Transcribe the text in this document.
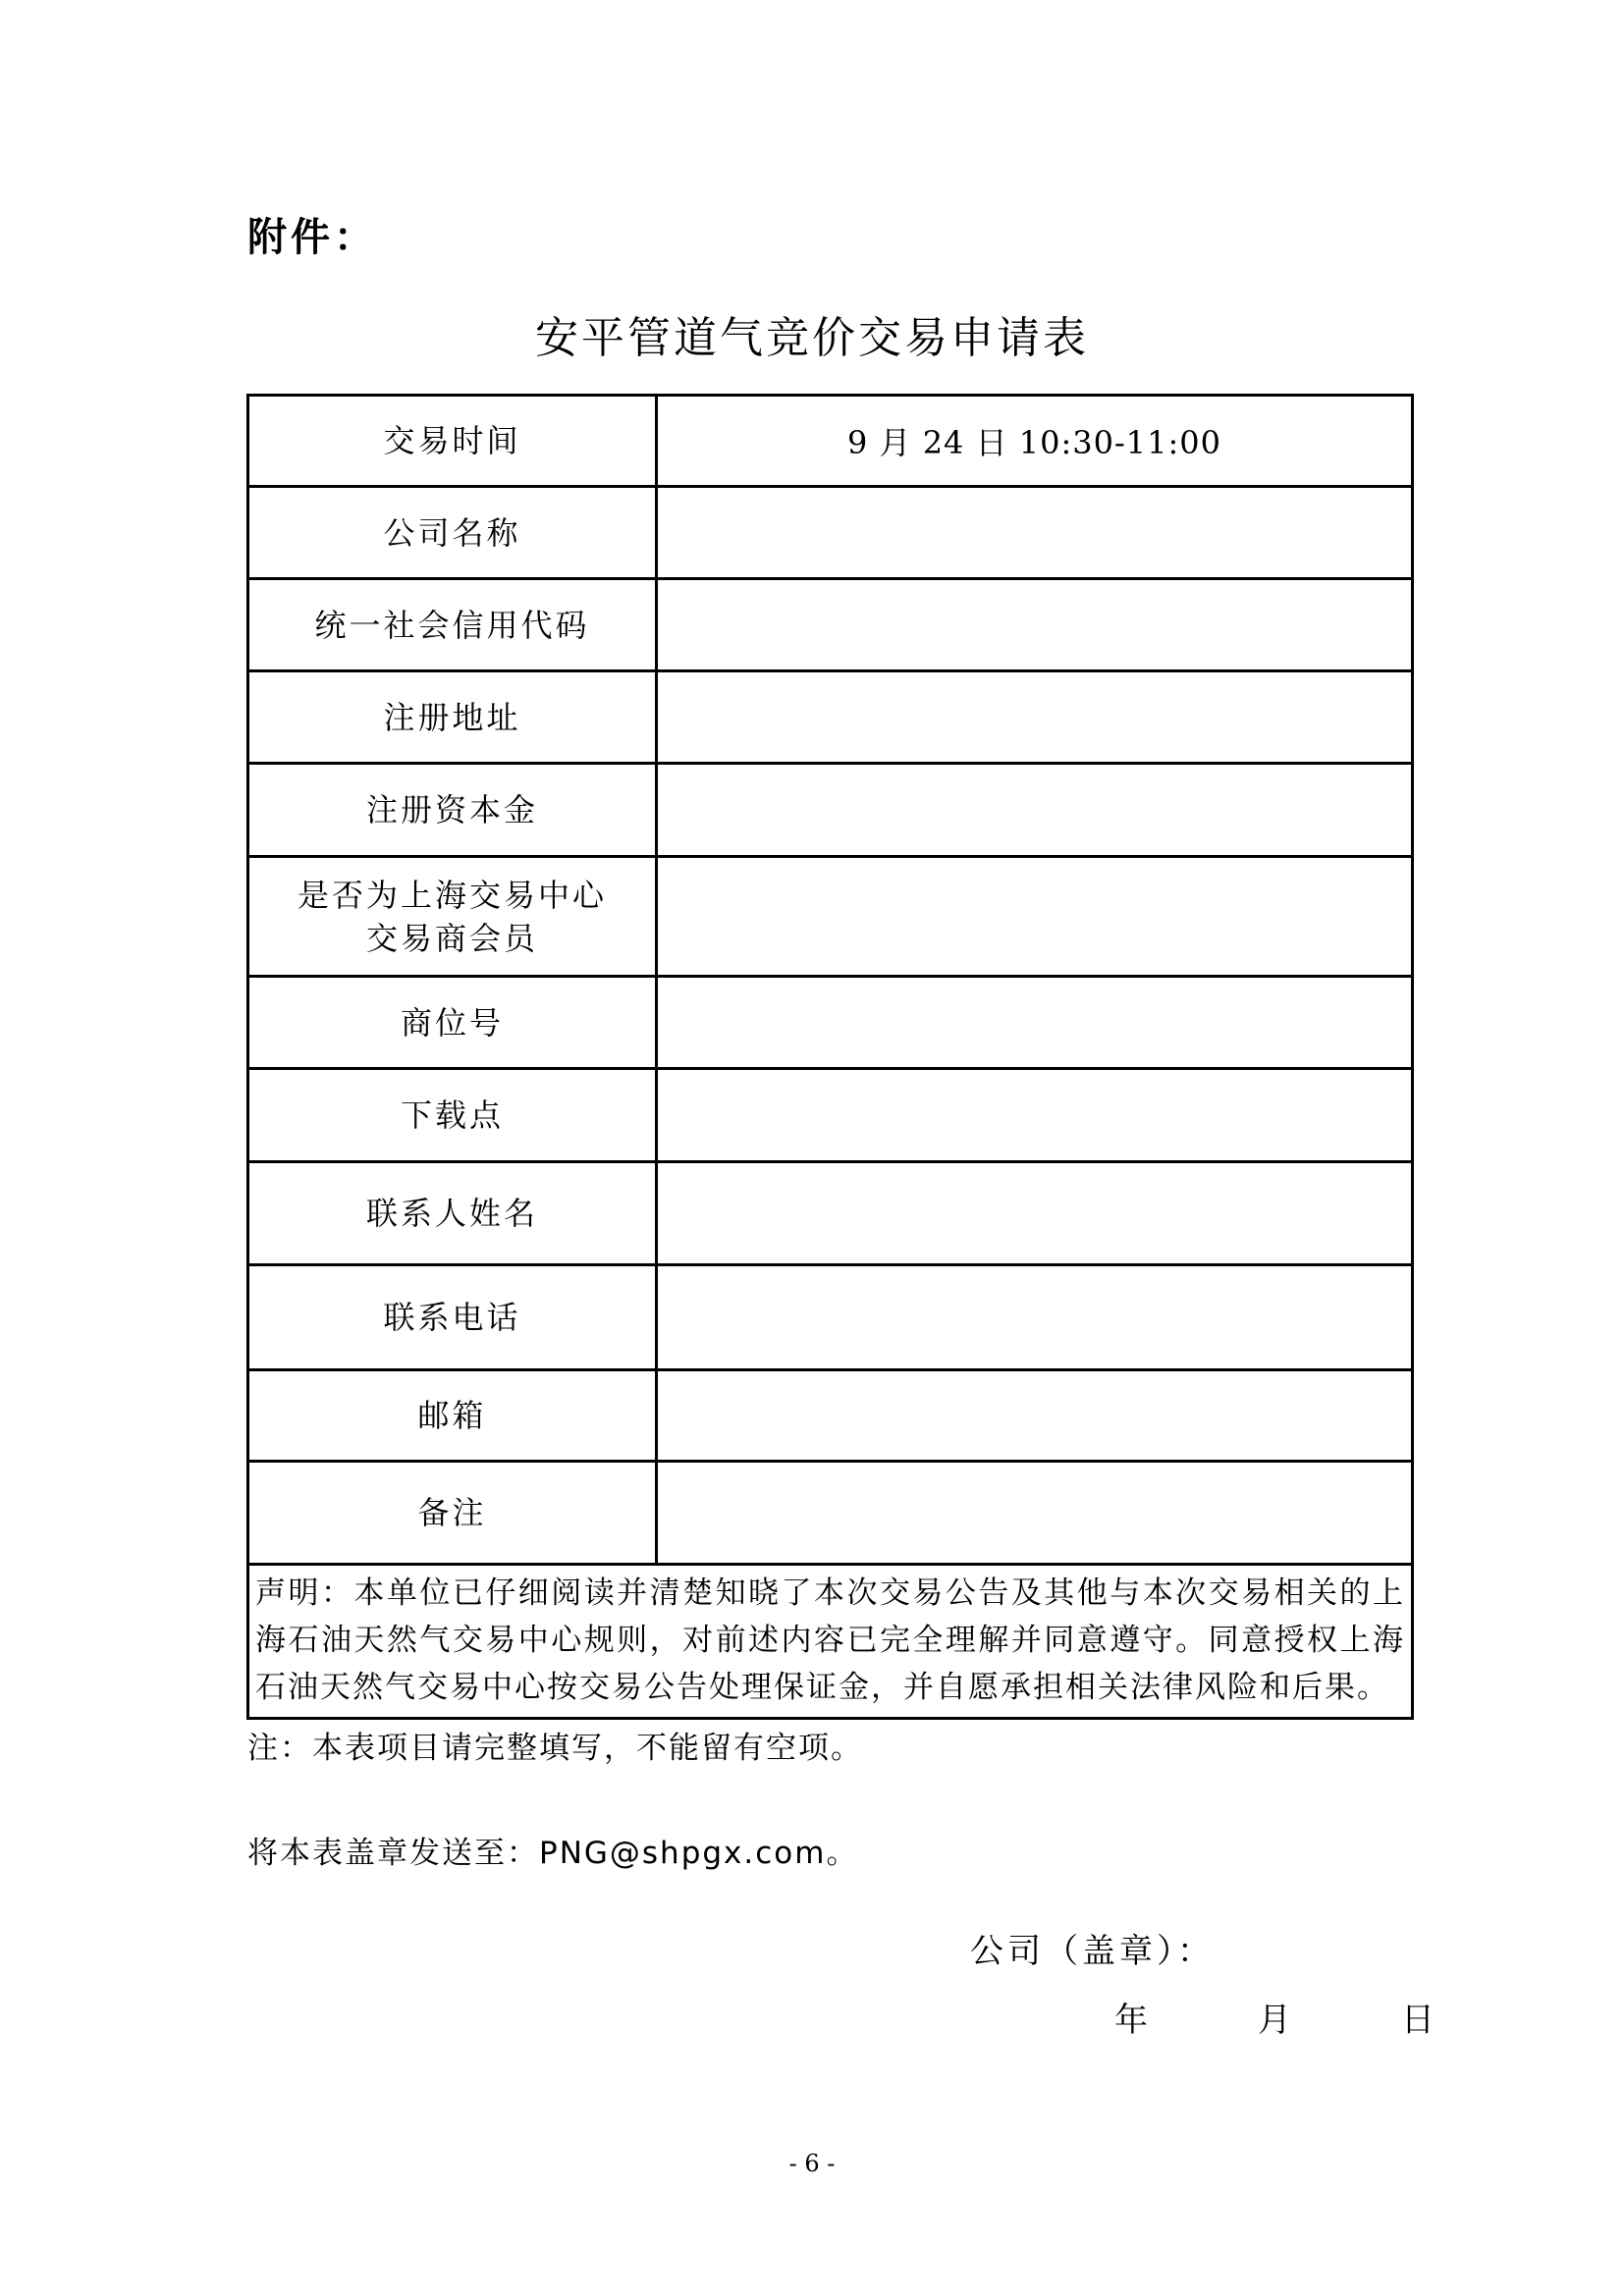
附件：
安平管道气竞价交易申请表
交易时间	9 月 24 日 10:30-11:00
公司名称	
统一社会信用代码	
注册地址	
注册资本金	

是否为上海交易中心
交易商会员	

商位号	
下载点	
联系人姓名	
联系电话	
邮箱	
备注	
声明：本单位已仔细阅读并清楚知晓了本次交易公告及其他与本次交易相关的上海石油天然气交易中心规则，对前述内容已完全理解并同意遵守。同意授权上海石油天然气交易中心按交易公告处理保证金，并自愿承担相关法律风险和后果。	
注：本表项目请完整填写，不能留有空项。
将本表盖章发送至：PNG@shpgx.com。
公司（盖章）：
年	月	日
- 6 -
